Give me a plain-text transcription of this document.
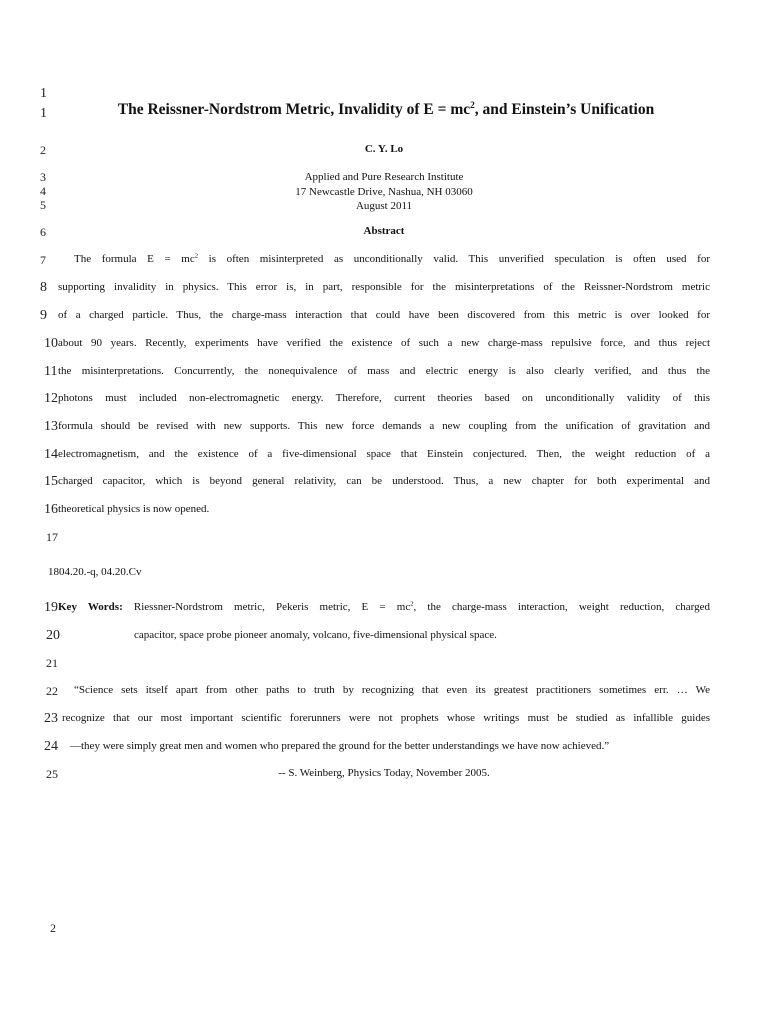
1
1
2
3
4
5
6
7
8
9
10
11
12
13
14
15
16
17
19
20
21
22
23
24
25
The Reissner-Nordstrom Metric, Invalidity of $E = mc^2$, and Einstein’s Unification
C. Y. Lo
Applied and Pure Research Institute
17 Newcastle Drive, Nashua, NH 03060
August 2011
Abstract
The formula $E = mc^2$ is often misinterpreted as unconditionally valid. This unverified speculation is often used for
supporting invalidity in physics. This error is, in part, responsible for the misinterpretations of the Reissner-Nordstrom metric
of a charged particle. Thus, the charge-mass interaction that could have been discovered from this metric is over looked for
about 90 years. Recently, experiments have verified the existence of such a new charge-mass repulsive force, and thus reject
the misinterpretations. Concurrently, the nonequivalence of mass and electric energy is also clearly verified, and thus the
photons must included non-electromagnetic energy. Therefore, current theories based on unconditionally validity of this
formula should be revised with new supports. This new force demands a new coupling from the unification of gravitation and
electromagnetism, and the existence of a five-dimensional space that Einstein conjectured. Then, the weight reduction of a
charged capacitor, which is beyond general relativity, can be understood. Thus, a new chapter for both experimental and
theoretical physics is now opened.
1804.20.-q, 04.20.Cv
Key Words: Riessner-Nordstrom metric, Pekeris metric, $E = mc^2$, the charge-mass interaction, weight reduction, charged
capacitor, space probe pioneer anomaly, volcano, five-dimensional physical space.
“Science sets itself apart from other paths to truth by recognizing that even its greatest practitioners sometimes err. … We
recognize that our most important scientific forerunners were not prophets whose writings must be studied as infallible guides
—they were simply great men and women who prepared the ground for the better understandings we have now achieved.”
-- S. Weinberg, Physics Today, November 2005.
2
